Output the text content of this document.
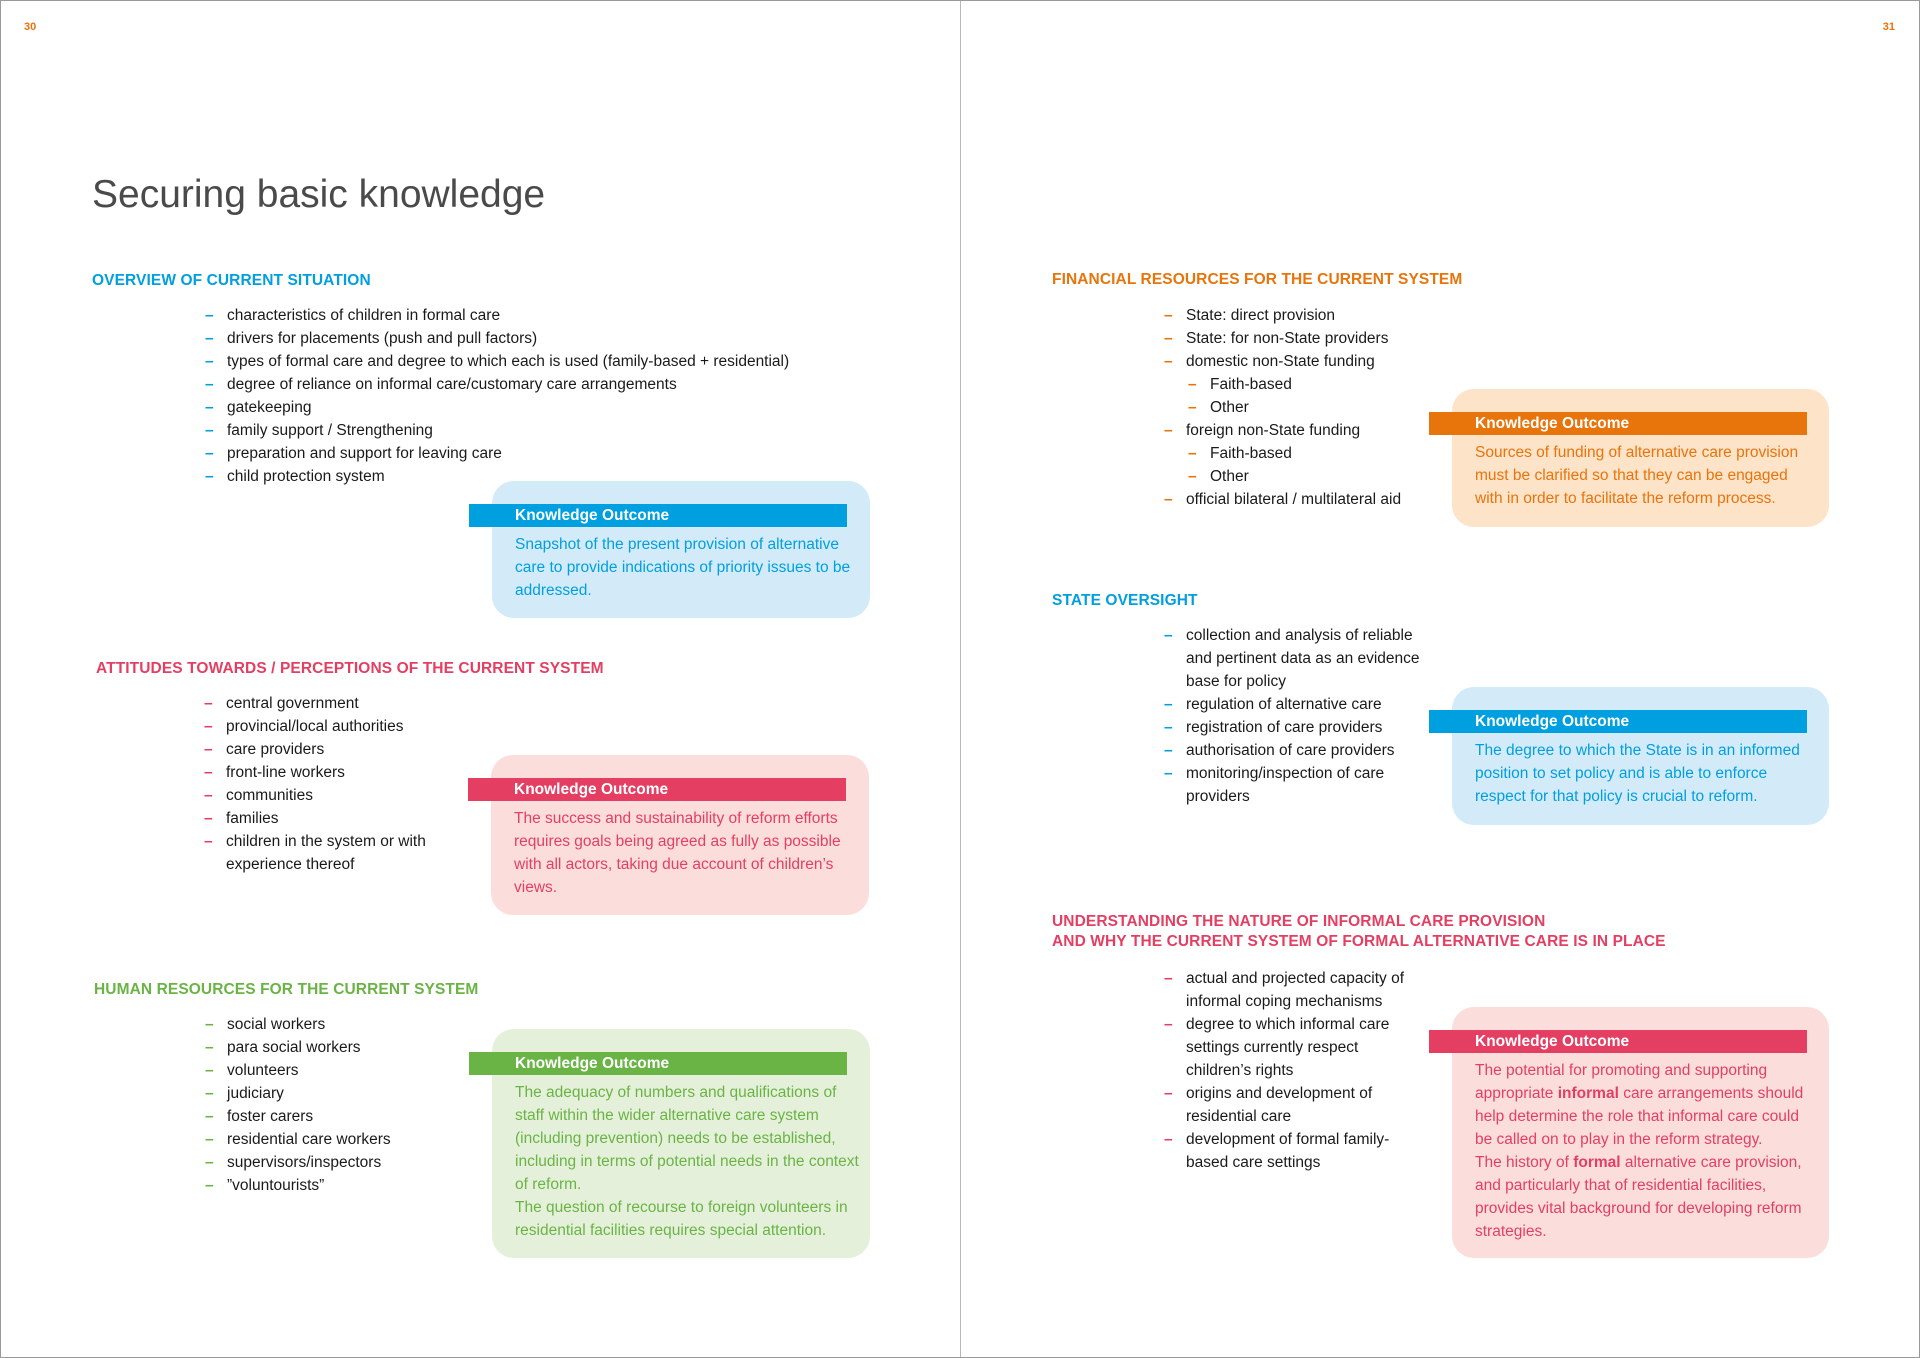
30	31
Securing basic knowledge
OVERVIEW OF CURRENT SITUATION
– characteristics of children in formal care
– drivers for placements (push and pull factors)
– types of formal care and degree to which each is used (family-based + residential)
– degree of reliance on informal care/customary care arrangements
– gatekeeping
– family support / Strengthening
– preparation and support for leaving care
– child protection system
Knowledge Outcome
Snapshot of the present provision of alternative care to provide indications of priority issues to be addressed.
ATTITUDES TOWARDS / PERCEPTIONS OF THE CURRENT SYSTEM
– central government
– provincial/local authorities
– care providers
– front-line workers
– communities
– families
– children in the system or with experience thereof
Knowledge Outcome
The success and sustainability of reform efforts requires goals being agreed as fully as possible with all actors, taking due account of children’s views.
HUMAN RESOURCES FOR THE CURRENT SYSTEM
– social workers
– para social workers
– volunteers
– judiciary
– foster carers
– residential care workers
– supervisors/inspectors
– ”voluntourists”
Knowledge Outcome

The adequacy of numbers and qualifications of staff within the wider alternative care system (including prevention) needs to be established, including in terms of potential needs in the context of reform.

The question of recourse to foreign volunteers in residential facilities requires special attention.

FINANCIAL RESOURCES FOR THE CURRENT SYSTEM
– State: direct provision
– State: for non-State providers
– domestic non-State funding
– Faith-based
– Other
– foreign non-State funding
– Faith-based
– Other
– official bilateral / multilateral aid
Knowledge Outcome
Sources of funding of alternative care provision must be clarified so that they can be engaged with in order to facilitate the reform process.
STATE OVERSIGHT
– collection and analysis of reliable and pertinent data as an evidence base for policy
– regulation of alternative care
– registration of care providers
– authorisation of care providers
– monitoring/inspection of care providers
Knowledge Outcome
The degree to which the State is in an informed position to set policy and is able to enforce respect for that policy is crucial to reform.
UNDERSTANDING THE NATURE OF INFORMAL CARE PROVISION
AND WHY THE CURRENT SYSTEM OF FORMAL ALTERNATIVE CARE IS IN PLACE
– actual and projected capacity of informal coping mechanisms
– degree to which informal care settings currently respect children’s rights
– origins and development of residential care
– development of formal family-based care settings
Knowledge Outcome

The potential for promoting and supporting appropriate informal care arrangements should help determine the role that informal care could be called on to play in the reform strategy.

The history of formal alternative care provision, and particularly that of residential facilities, provides vital background for developing reform strategies.
